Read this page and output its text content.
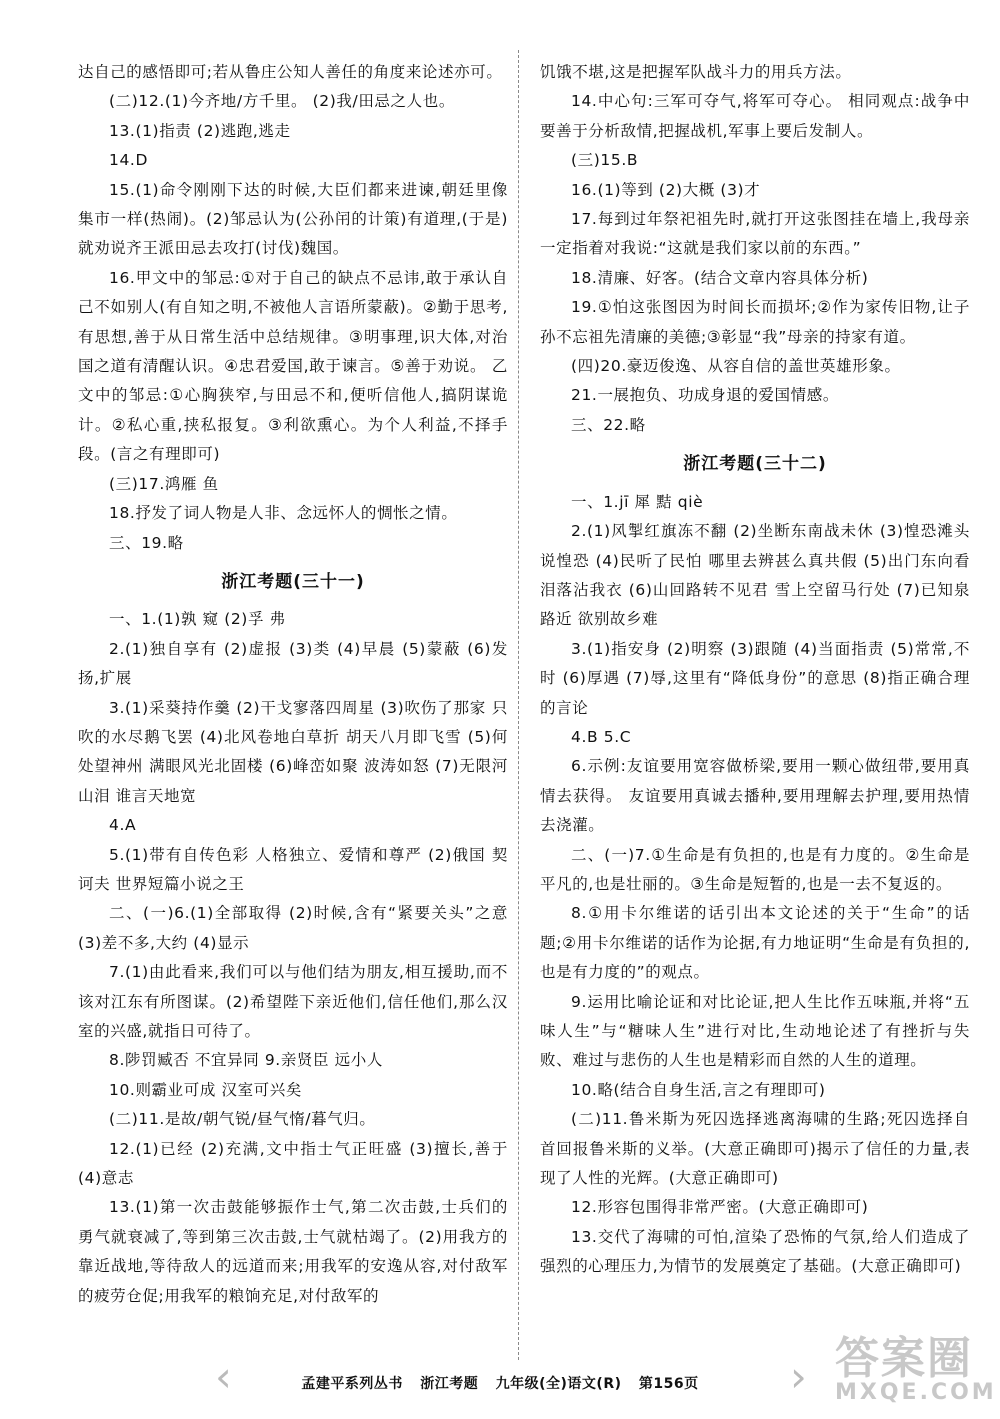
达自己的感悟即可;若从鲁庄公知人善任的角度来论述亦可。
(二)12.(1)今齐地/方千里。 (2)我/田忌之人也。
13.(1)指责 (2)逃跑,逃走
14.D
15.(1)命令刚刚下达的时候,大臣们都来进谏,朝廷里像集市一样(热闹)。(2)邹忌认为(公孙闬的计策)有道理,(于是)就劝说齐王派田忌去攻打(讨伐)魏国。
16.甲文中的邹忌:①对于自己的缺点不忌讳,敢于承认自己不如别人(有自知之明,不被他人言语所蒙蔽)。②勤于思考,有思想,善于从日常生活中总结规律。③明事理,识大体,对治国之道有清醒认识。④忠君爱国,敢于谏言。⑤善于劝说。 乙文中的邹忌:①心胸狭窄,与田忌不和,便听信他人,搞阴谋诡计。②私心重,挟私报复。③利欲熏心。为个人利益,不择手段。(言之有理即可)
(三)17.鸿雁 鱼
18.抒发了词人物是人非、念远怀人的惆怅之情。
三、19.略
浙江考题(三十一)
一、1.(1)孰 窥 (2)孚 弗
2.(1)独自享有 (2)虚报 (3)类 (4)早晨 (5)蒙蔽 (6)发扬,扩展
3.(1)采葵持作羹 (2)干戈寥落四周星 (3)吹伤了那家 只吹的水尽鹅飞罢 (4)北风卷地白草折 胡天八月即飞雪 (5)何处望神州 满眼风光北固楼 (6)峰峦如聚 波涛如怒 (7)无限河山泪 谁言天地宽
4.A
5.(1)带有自传色彩 人格独立、爱情和尊严 (2)俄国 契诃夫 世界短篇小说之王
二、(一)6.(1)全部取得 (2)时候,含有“紧要关头”之意 (3)差不多,大约 (4)显示
7.(1)由此看来,我们可以与他们结为朋友,相互援助,而不该对江东有所图谋。(2)希望陛下亲近他们,信任他们,那么汉室的兴盛,就指日可待了。
8.陟罚臧否 不宜异同 9.亲贤臣 远小人
10.则霸业可成 汉室可兴矣
(二)11.是故/朝气锐/昼气惰/暮气归。
12.(1)已经 (2)充满,文中指士气正旺盛 (3)擅长,善于 (4)意志
13.(1)第一次击鼓能够振作士气,第二次击鼓,士兵们的勇气就衰减了,等到第三次击鼓,士气就枯竭了。(2)用我方的靠近战地,等待敌人的远道而来;用我军的安逸从容,对付敌军的疲劳仓促;用我军的粮饷充足,对付敌军的
饥饿不堪,这是把握军队战斗力的用兵方法。
14.中心句:三军可夺气,将军可夺心。 相同观点:战争中要善于分析敌情,把握战机,军事上要后发制人。
(三)15.B
16.(1)等到 (2)大概 (3)才
17.每到过年祭祀祖先时,就打开这张图挂在墙上,我母亲一定指着对我说:“这就是我们家以前的东西。”
18.清廉、好客。(结合文章内容具体分析)
19.①怕这张图因为时间长而损坏;②作为家传旧物,让子孙不忘祖先清廉的美德;③彰显“我”母亲的持家有道。
(四)20.豪迈俊逸、从容自信的盖世英雄形象。
21.一展抱负、功成身退的爱国情感。
三、22.略
浙江考题(三十二)
一、1.jī 犀 黠 qiè
2.(1)风掣红旗冻不翻 (2)坐断东南战未休 (3)惶恐滩头说惶恐 (4)民听了民怕 哪里去辨甚么真共假 (5)出门东向看 泪落沾我衣 (6)山回路转不见君 雪上空留马行处 (7)已知泉路近 欲别故乡难
3.(1)指安身 (2)明察 (3)跟随 (4)当面指责 (5)常常,不时 (6)厚遇 (7)辱,这里有“降低身份”的意思 (8)指正确合理的言论
4.B 5.C
6.示例:友谊要用宽容做桥梁,要用一颗心做纽带,要用真情去获得。 友谊要用真诚去播种,要用理解去护理,要用热情去浇灌。
二、(一)7.①生命是有负担的,也是有力度的。②生命是平凡的,也是壮丽的。③生命是短暂的,也是一去不复返的。
8.①用卡尔维诺的话引出本文论述的关于“生命”的话题;②用卡尔维诺的话作为论据,有力地证明“生命是有负担的,也是有力度的”的观点。
9.运用比喻论证和对比论证,把人生比作五味瓶,并将“五味人生”与“糖味人生”进行对比,生动地论述了有挫折与失败、难过与悲伤的人生也是精彩而自然的人生的道理。
10.略(结合自身生活,言之有理即可)
(二)11.鲁米斯为死囚选择逃离海啸的生路;死囚选择自首回报鲁米斯的义举。(大意正确即可)揭示了信任的力量,表现了人性的光辉。(大意正确即可)
12.形容包围得非常严密。(大意正确即可)
13.交代了海啸的可怕,渲染了恐怖的气氛,给人们造成了强烈的心理压力,为情节的发展奠定了基础。(大意正确即可)
‹	›
孟建平系列丛书 浙江考题 九年级(全)语文(R) 第156页	答案圈
MXQE.COM
